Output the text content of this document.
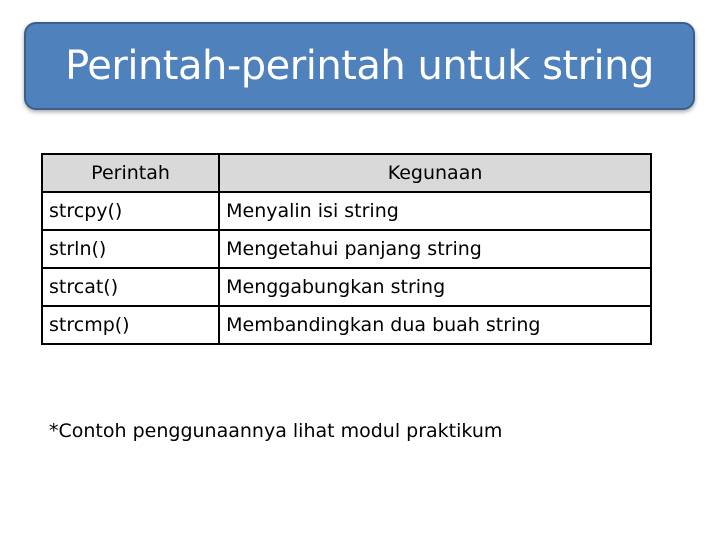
Perintah-perintah untuk string
Perintah	Kegunaan
strcpy()	Menyalin isi string
strln()	Mengetahui panjang string
strcat()	Menggabungkan string
strcmp()	Membandingkan dua buah string
*Contoh penggunaannya lihat modul praktikum
